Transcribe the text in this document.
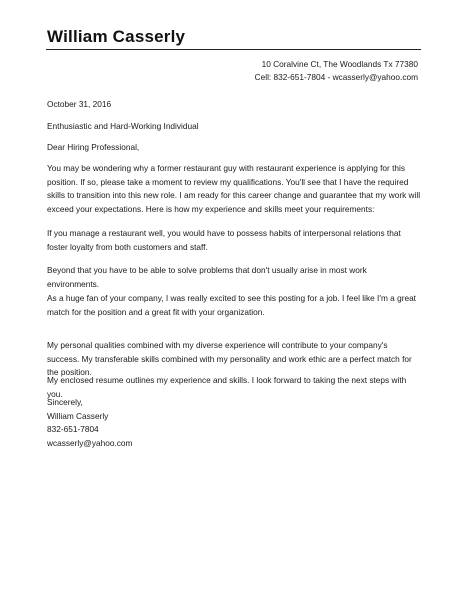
William Casserly
10 Coralvine Ct, The Woodlands Tx 77380
Cell: 832-651-7804 - wcasserly@yahoo.com
October 31, 2016
Enthusiastic and Hard-Working Individual
Dear Hiring Professional,

You may be wondering why a former restaurant guy with restaurant experience is applying for this position. If so, please take a moment to review my qualifications. You'll see that I have the required skills to transition into this new role. I am ready for this career change and guarantee that my work will exceed your expectations. Here is how my experience and skills meet your requirements:

If you manage a restaurant well, you would have to possess habits of interpersonal relations that foster loyalty from both customers and staff.

Beyond that you have to be able to solve problems that don't usually arise in most work environments.

As a huge fan of your company, I was really excited to see this posting for a job. I feel like I'm a great match for the position and a great fit with your organization.

My personal qualities combined with my diverse experience will contribute to your company's success. My transferable skills combined with my personality and work ethic are a perfect match for the position.

My enclosed resume outlines my experience and skills. I look forward to taking the next steps with you.

Sincerely,
William Casserly
832-651-7804
wcasserly@yahoo.com
